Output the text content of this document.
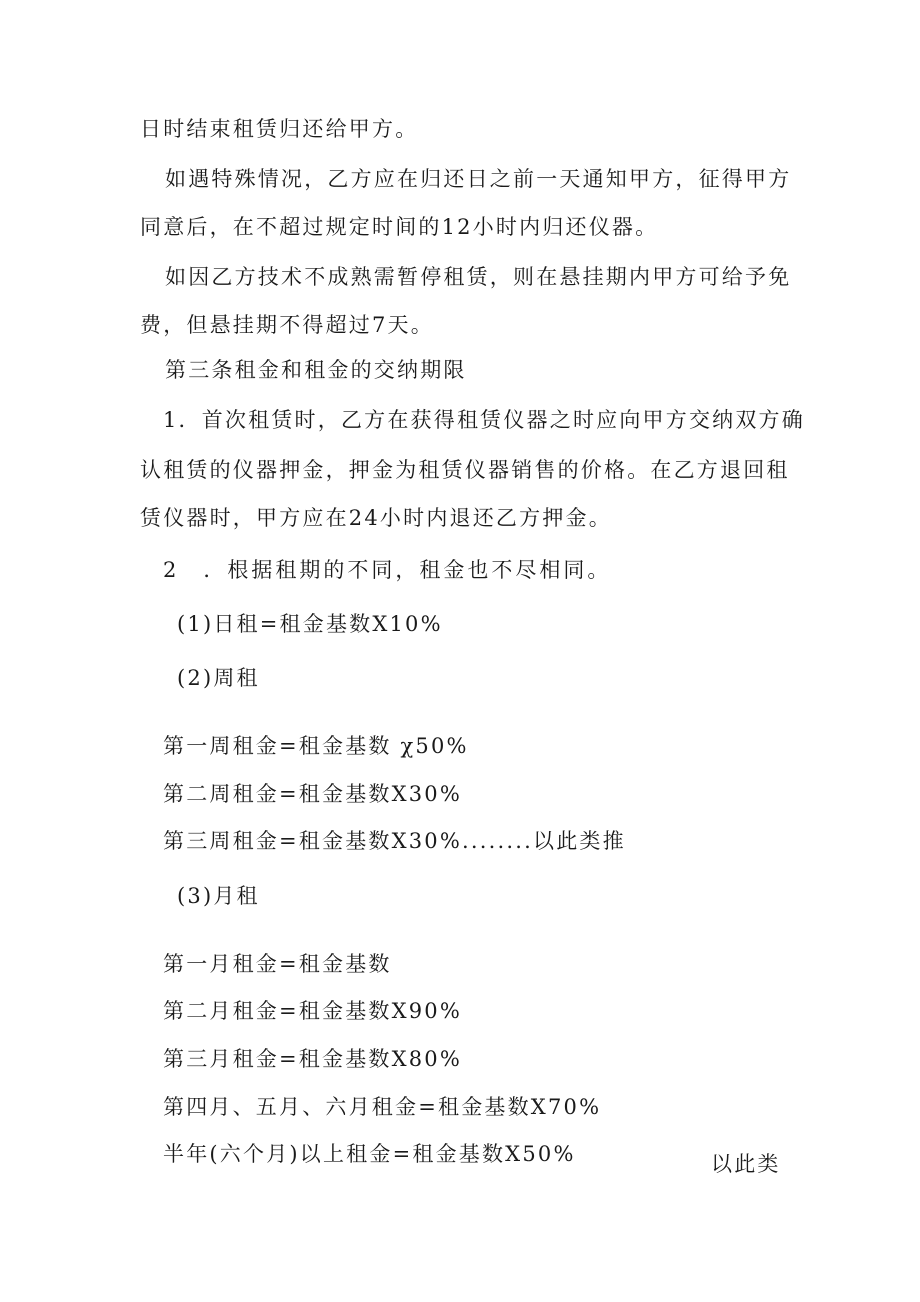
日时结束租赁归还给甲方。
如遇特殊情况，乙方应在归还日之前一天通知甲方，征得甲方
同意后，在不超过规定时间的12小时内归还仪器。
如因乙方技术不成熟需暂停租赁，则在悬挂期内甲方可给予免
费，但悬挂期不得超过7天。
第三条租金和租金的交纳期限
1．首次租赁时，乙方在获得租赁仪器之时应向甲方交纳双方确
认租赁的仪器押金，押金为租赁仪器销售的价格。在乙方退回租
赁仪器时，甲方应在24小时内退还乙方押金。
2　．根据租期的不同，租金也不尽相同。
(1)日租=租金基数X10%
(2)周租
第一周租金=租金基数 χ50%
第二周租金=租金基数X30%
第三周租金=租金基数X30%........以此类推
(3)月租
第一月租金=租金基数
第二月租金=租金基数X90%
第三月租金=租金基数X80%
第四月、五月、六月租金=租金基数X70%
半年(六个月)以上租金=租金基数X50%	以此类
